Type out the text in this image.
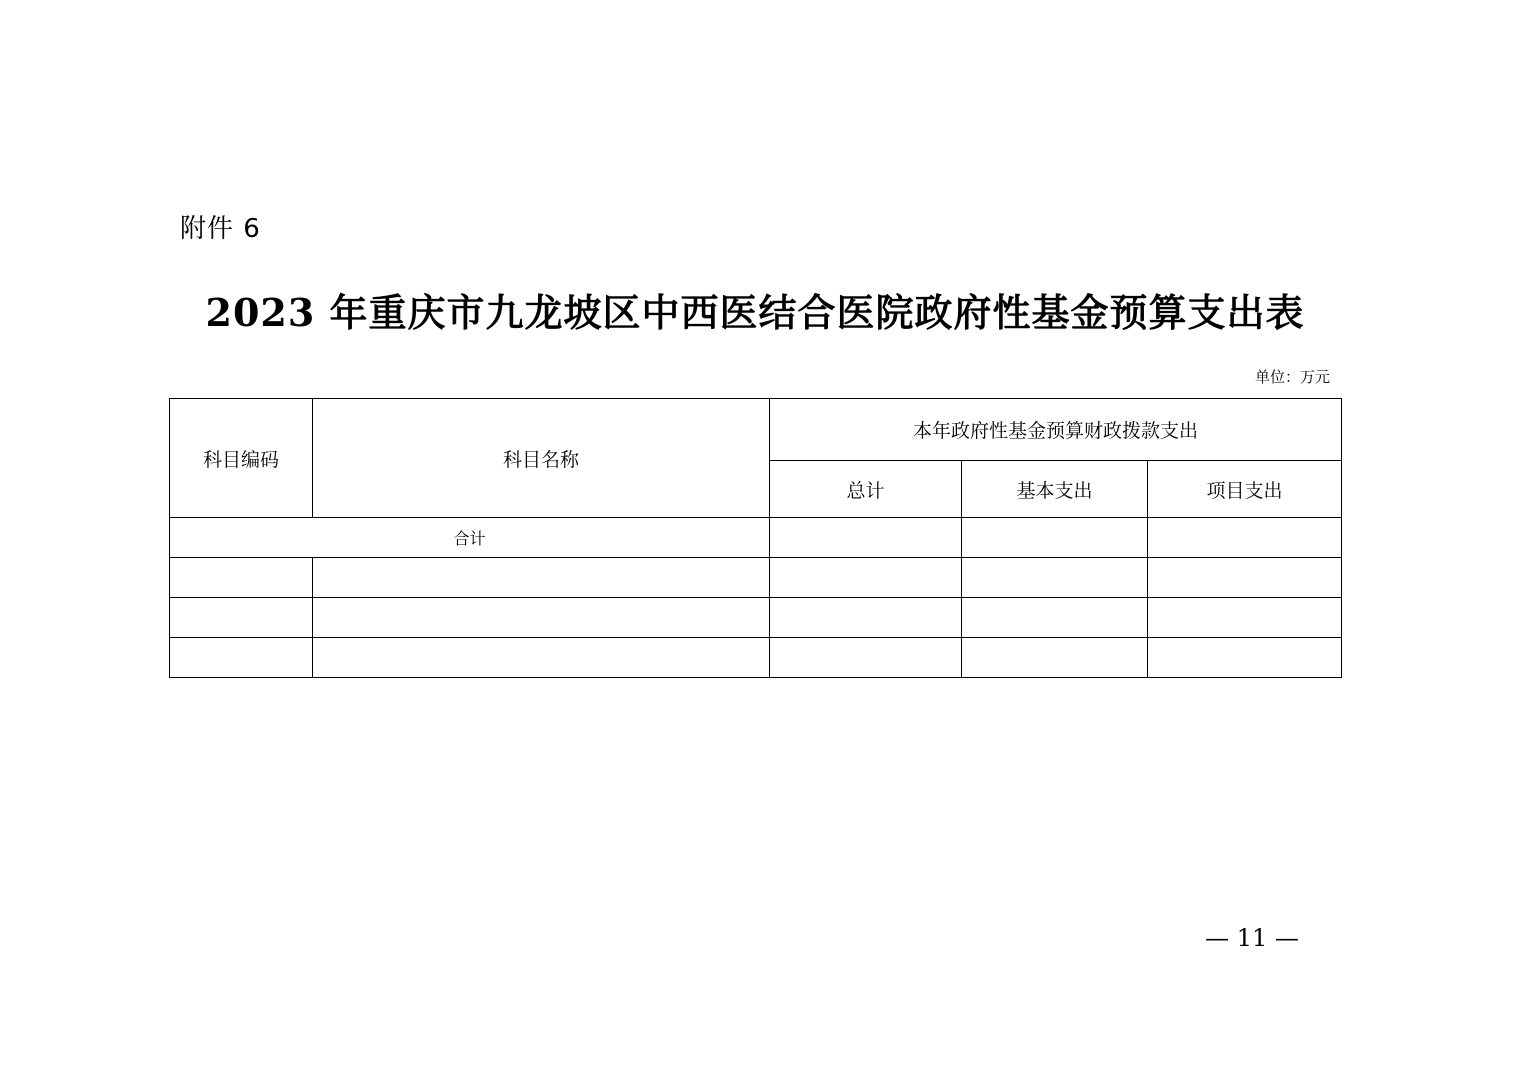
附件 6
2023 年重庆市九龙坡区中西医结合医院政府性基金预算支出表
单位：万元
科目编码	科目名称	本年政府性基金预算财政拨款支出		
		总计	基本支出	项目支出
合计				

— 11 —
